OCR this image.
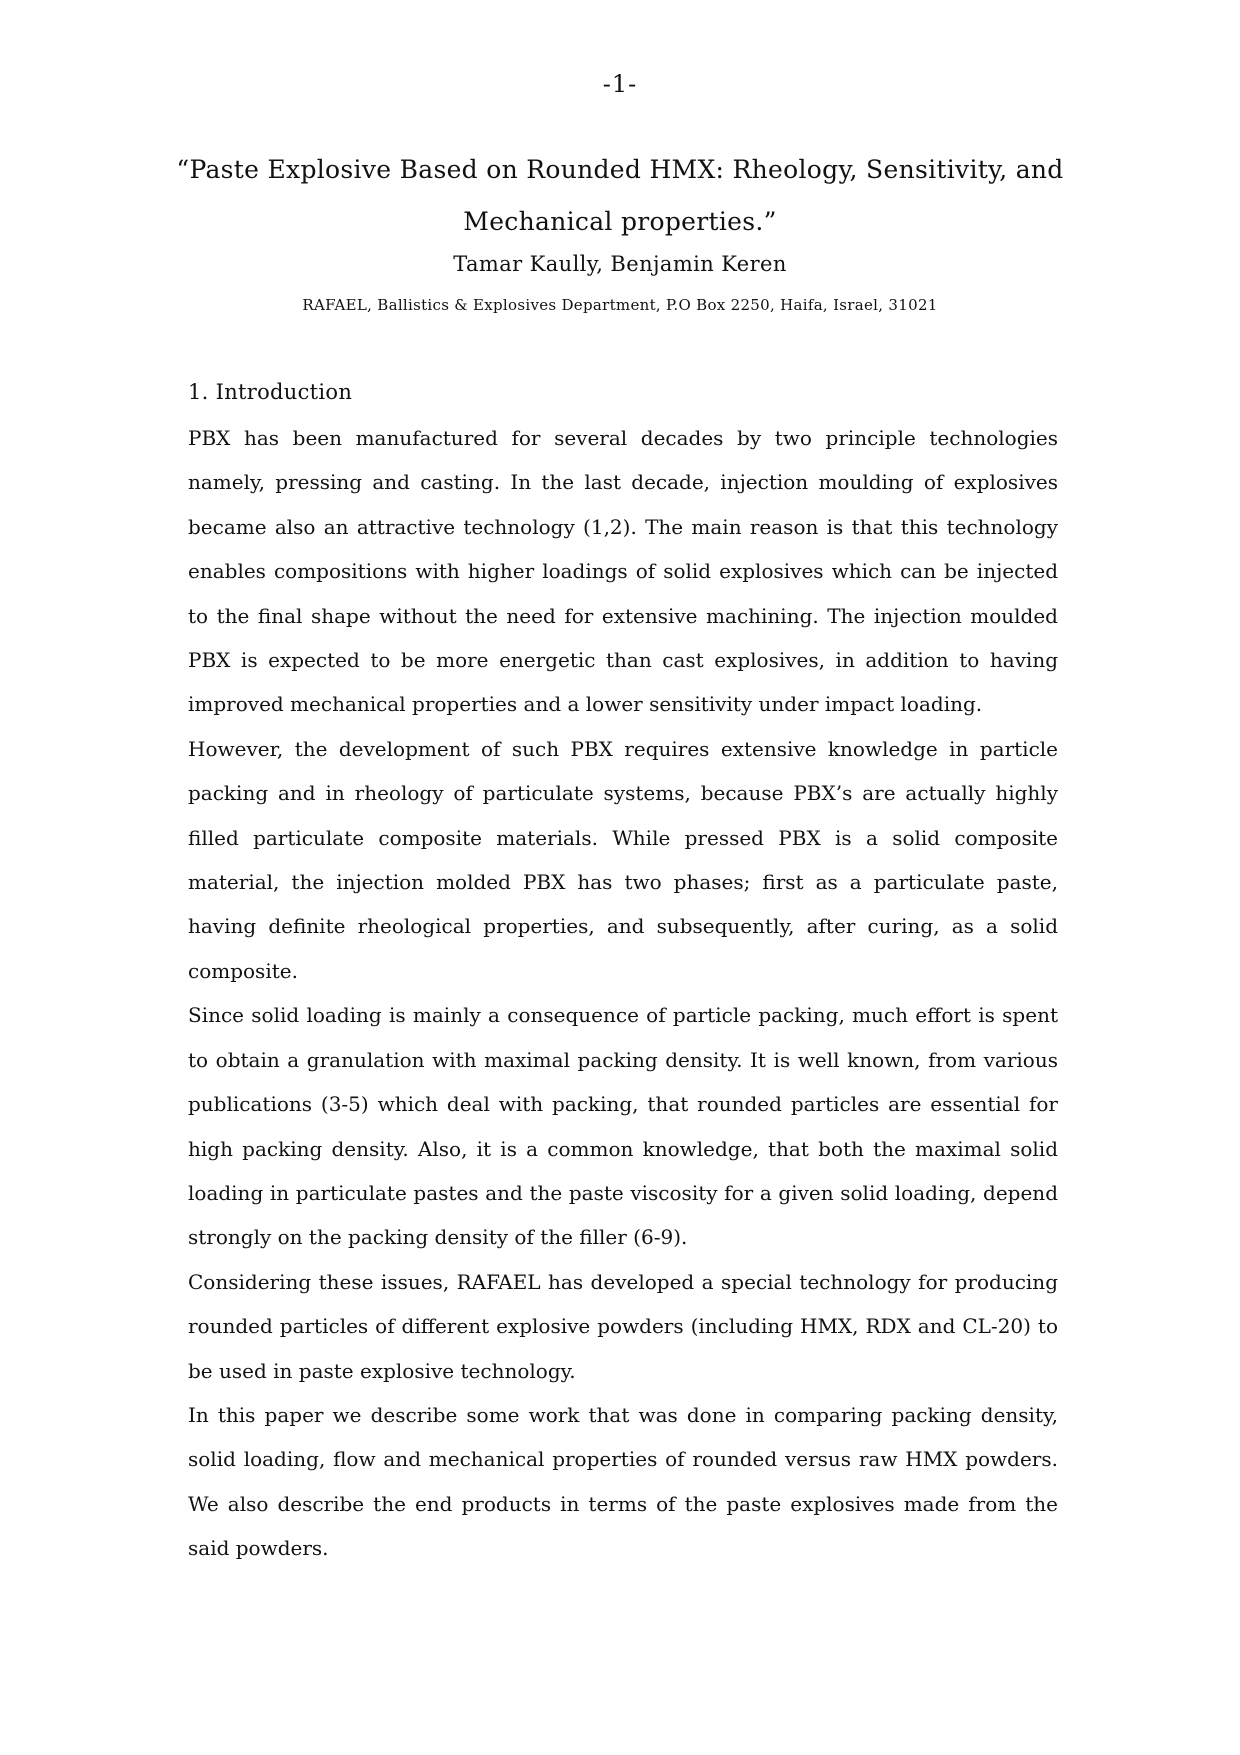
-1-
“Paste Explosive Based on Rounded HMX: Rheology, Sensitivity, and Mechanical properties.”
Tamar Kaully, Benjamin Keren
RAFAEL, Ballistics & Explosives Department, P.O Box 2250, Haifa, Israel, 31021
1. Introduction

PBX has been manufactured for several decades by two principle technologies namely, pressing and casting. In the last decade, injection moulding of explosives became also an attractive technology (1,2). The main reason is that this technology enables compositions with higher loadings of solid explosives which can be injected to the final shape without the need for extensive machining. The injection moulded PBX is expected to be more energetic than cast explosives, in addition to having improved mechanical properties and a lower sensitivity under impact loading.

However, the development of such PBX requires extensive knowledge in particle packing and in rheology of particulate systems, because PBX’s are actually highly filled particulate composite materials. While pressed PBX is a solid composite material, the injection molded PBX has two phases; first as a particulate paste, having definite rheological properties, and subsequently, after curing, as a solid composite.

Since solid loading is mainly a consequence of particle packing, much effort is spent to obtain a granulation with maximal packing density. It is well known, from various publications (3-5) which deal with packing, that rounded particles are essential for high packing density. Also, it is a common knowledge, that both the maximal solid loading in particulate pastes and the paste viscosity for a given solid loading, depend strongly on the packing density of the filler (6-9).

Considering these issues, RAFAEL has developed a special technology for producing rounded particles of different explosive powders (including HMX, RDX and CL-20) to be used in paste explosive technology.

In this paper we describe some work that was done in comparing packing density, solid loading, flow and mechanical properties of rounded versus raw HMX powders. We also describe the end products in terms of the paste explosives made from the said powders.
